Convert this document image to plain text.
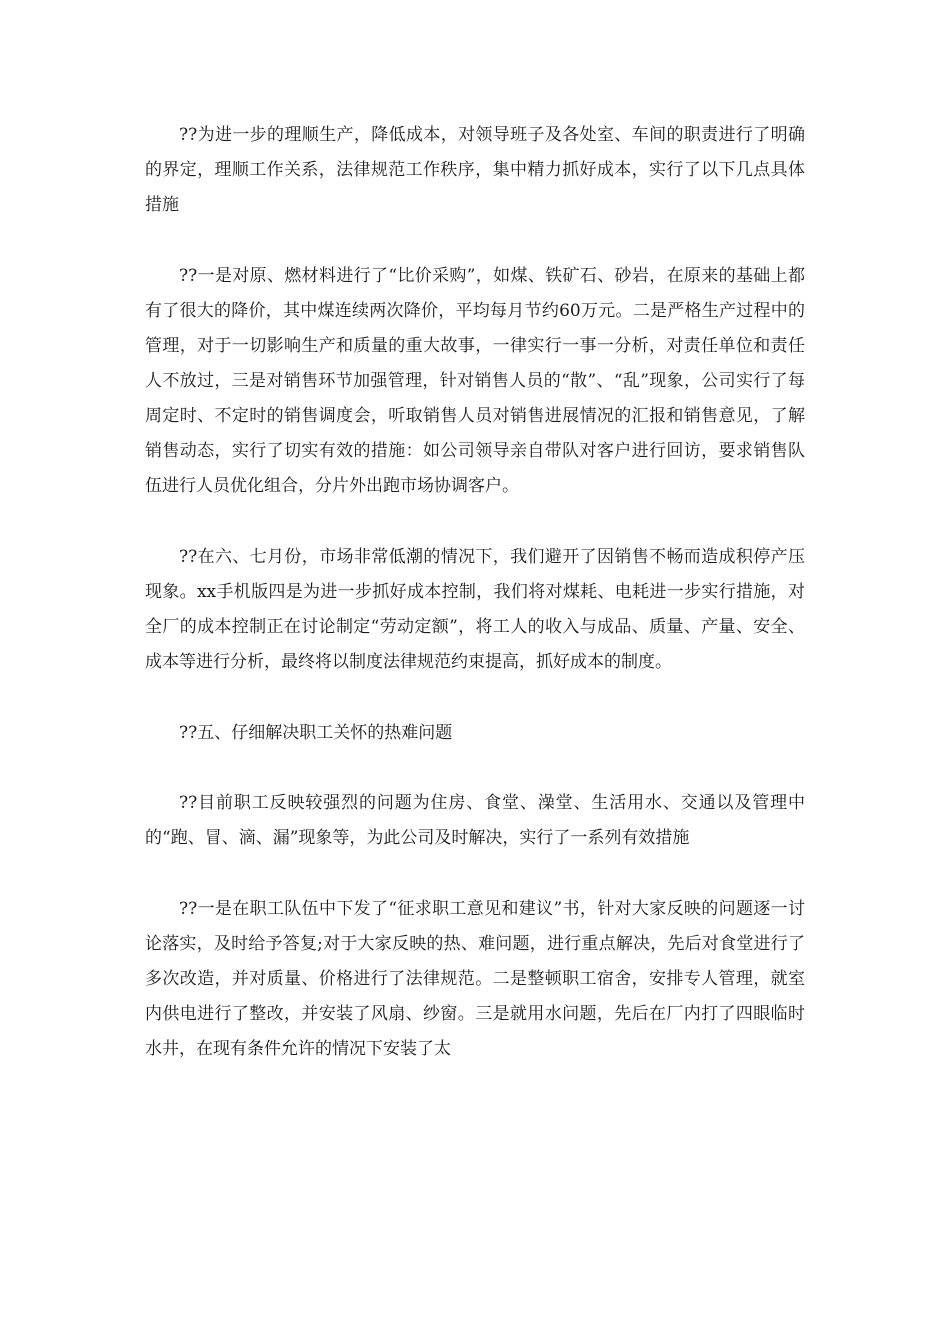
??为进一步的理顺生产，降低成本，对领导班子及各处室、车间的职责进行了明确的界定，理顺工作关系，法律规范工作秩序，集中精力抓好成本，实行了以下几点具体措施

??一是对原、燃材料进行了“比价采购”，如煤、铁矿石、砂岩，在原来的基础上都有了很大的降价，其中煤连续两次降价，平均每月节约60万元。二是严格生产过程中的管理，对于一切影响生产和质量的重大故事，一律实行一事一分析，对责任单位和责任人不放过，三是对销售环节加强管理，针对销售人员的“散”、“乱”现象，公司实行了每周定时、不定时的销售调度会，听取销售人员对销售进展情况的汇报和销售意见，了解销售动态，实行了切实有效的措施：如公司领导亲自带队对客户进行回访，要求销售队伍进行人员优化组合，分片外出跑市场协调客户。

??在六、七月份，市场非常低潮的情况下，我们避开了因销售不畅而造成积停产压现象。xx手机版四是为进一步抓好成本控制，我们将对煤耗、电耗进一步实行措施，对全厂的成本控制正在讨论制定“劳动定额”，将工人的收入与成品、质量、产量、安全、成本等进行分析，最终将以制度法律规范约束提高，抓好成本的制度。

??五、仔细解决职工关怀的热难问题

??目前职工反映较强烈的问题为住房、食堂、澡堂、生活用水、交通以及管理中的“跑、冒、滴、漏”现象等，为此公司及时解决，实行了一系列有效措施

??一是在职工队伍中下发了“征求职工意见和建议”书，针对大家反映的问题逐一讨论落实，及时给予答复;对于大家反映的热、难问题，进行重点解决，先后对食堂进行了多次改造，并对质量、价格进行了法律规范。二是整顿职工宿舍，安排专人管理，就室内供电进行了整改，并安装了风扇、纱窗。三是就用水问题，先后在厂内打了四眼临时水井，在现有条件允许的情况下安装了太
